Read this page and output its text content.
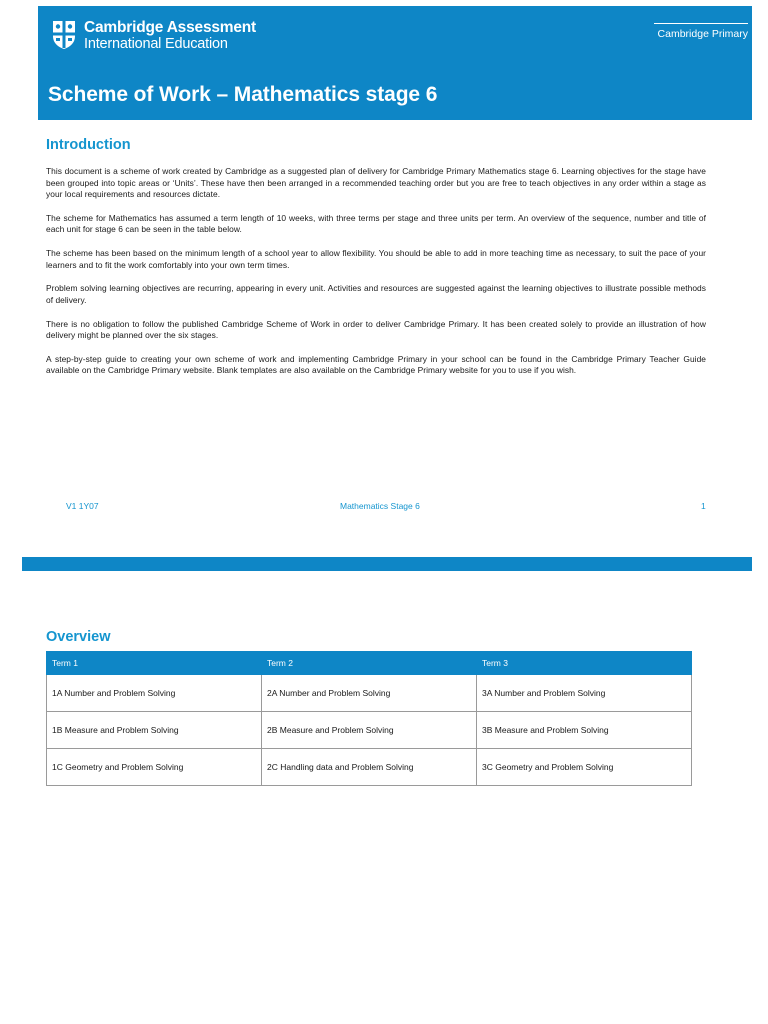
Cambridge Assessment
International Education
Cambridge Primary
Scheme of Work – Mathematics stage 6
Introduction

This document is a scheme of work created by Cambridge as a suggested plan of delivery for Cambridge Primary Mathematics stage 6. Learning objectives for the stage have been grouped into topic areas or ‘Units’. These have then been arranged in a recommended teaching order but you are free to teach objectives in any order within a stage as your local requirements and resources dictate.

The scheme for Mathematics has assumed a term length of 10 weeks, with three terms per stage and three units per term. An overview of the sequence, number and title of each unit for stage 6 can be seen in the table below.

The scheme has been based on the minimum length of a school year to allow flexibility. You should be able to add in more teaching time as necessary, to suit the pace of your learners and to fit the work comfortably into your own term times.

Problem solving learning objectives are recurring, appearing in every unit. Activities and resources are suggested against the learning objectives to illustrate possible methods of delivery.

There is no obligation to follow the published Cambridge Scheme of Work in order to deliver Cambridge Primary. It has been created solely to provide an illustration of how delivery might be planned over the six stages.

A step-by-step guide to creating your own scheme of work and implementing Cambridge Primary in your school can be found in the Cambridge Primary Teacher Guide available on the Cambridge Primary website. Blank templates are also available on the Cambridge Primary website for you to use if you wish.

V1 1Y07	Mathematics Stage 6	1
Overview
Term 1	Term 2	Term 3
1A Number and Problem Solving	2A Number and Problem Solving	3A Number and Problem Solving
1B Measure and Problem Solving	2B Measure and Problem Solving	3B Measure and Problem Solving
1C Geometry and Problem Solving	2C Handling data and Problem Solving	3C Geometry and Problem Solving
